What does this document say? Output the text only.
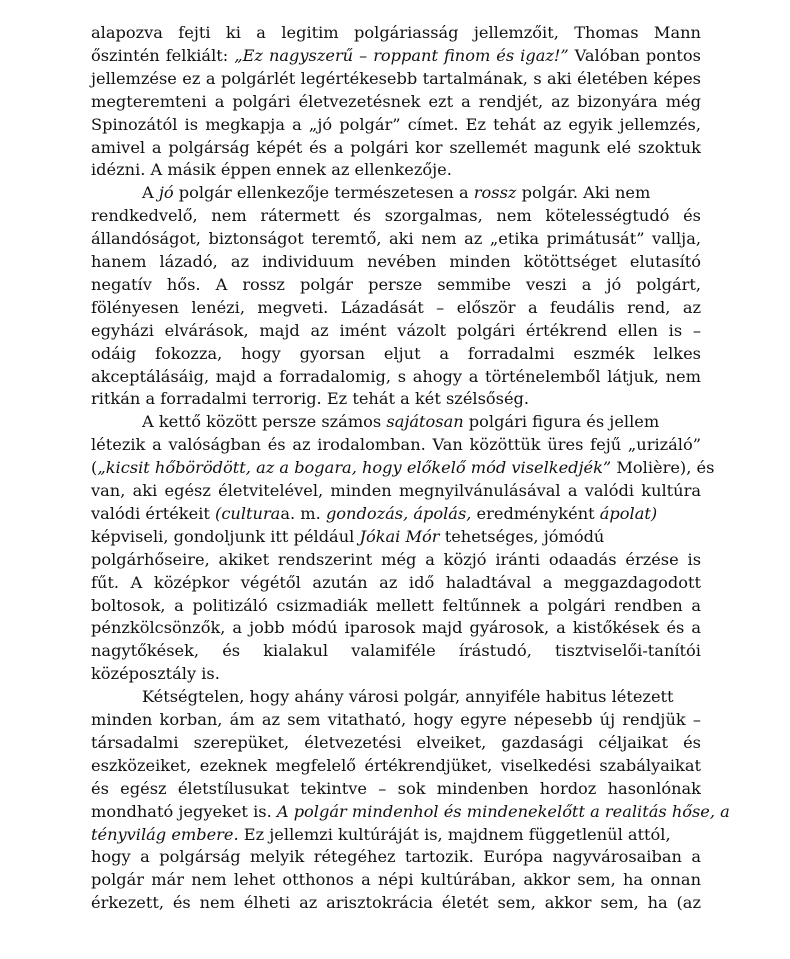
alapozva fejti ki a legitim polgáriasság jellemzőit, Thomas Mann
őszintén felkiált: „Ez nagyszerű – roppant finom és igaz!” Valóban pontos
jellemzése ez a polgárlét legértékesebb tartalmának, s aki életében képes
megteremteni a polgári életvezetésnek ezt a rendjét, az bizonyára még
Spinozától is megkapja a „jó polgár” címet. Ez tehát az egyik jellemzés,
amivel a polgárság képét és a polgári kor szellemét magunk elé szoktuk
idézni. A másik éppen ennek az ellenkezője.
A jó polgár ellenkezője természetesen a rossz polgár. Aki nem
rendkedvelő, nem rátermett és szorgalmas, nem kötelességtudó és
állandóságot, biztonságot teremtő, aki nem az „etika primátusát” vallja,
hanem lázadó, az individuum nevében minden kötöttséget elutasító
negatív hős. A rossz polgár persze semmibe veszi a jó polgárt,
fölényesen lenézi, megveti. Lázadását – először a feudális rend, az
egyházi elvárások, majd az imént vázolt polgári értékrend ellen is –
odáig fokozza, hogy gyorsan eljut a forradalmi eszmék lelkes
akceptálásáig, majd a forradalomig, s ahogy a történelemből látjuk, nem
ritkán a forradalmi terrorig. Ez tehát a két szélsőség.
A kettő között persze számos sajátosan polgári figura és jellem
létezik a valóságban és az irodalomban. Van közöttük üres fejű „urizáló”
(„kicsit hőbörödött, az a bogara, hogy előkelő mód viselkedjék” Molière), és
van, aki egész életvitelével, minden megnyilvánulásával a valódi kultúra
valódi értékeit (culturaa. m. gondozás, ápolás, eredményként ápolat)
képviseli, gondoljunk itt például Jókai Mór tehetséges, jómódú
polgárhőseire, akiket rendszerint még a közjó iránti odaadás érzése is
fűt. A középkor végétől azután az idő haladtával a meggazdagodott
boltosok, a politizáló csizmadiák mellett feltűnnek a polgári rendben a
pénzkölcsönzők, a jobb módú iparosok majd gyárosok, a kistőkések és a
nagytőkések, és kialakul valamiféle írástudó, tisztviselői-tanítói
középosztály is.
Kétségtelen, hogy ahány városi polgár, annyiféle habitus létezett
minden korban, ám az sem vitatható, hogy egyre népesebb új rendjük –
társadalmi szerepüket, életvezetési elveiket, gazdasági céljaikat és
eszközeiket, ezeknek megfelelő értékrendjüket, viselkedési szabályaikat
és egész életstílusukat tekintve – sok mindenben hordoz hasonlónak
mondható jegyeket is. A polgár mindenhol és mindenekelőtt a realitás hőse, a
tényvilág embere. Ez jellemzi kultúráját is, majdnem függetlenül attól,
hogy a polgárság melyik rétegéhez tartozik. Európa nagyvárosaiban a
polgár már nem lehet otthonos a népi kultúrában, akkor sem, ha onnan
érkezett, és nem élheti az arisztokrácia életét sem, akkor sem, ha (az
